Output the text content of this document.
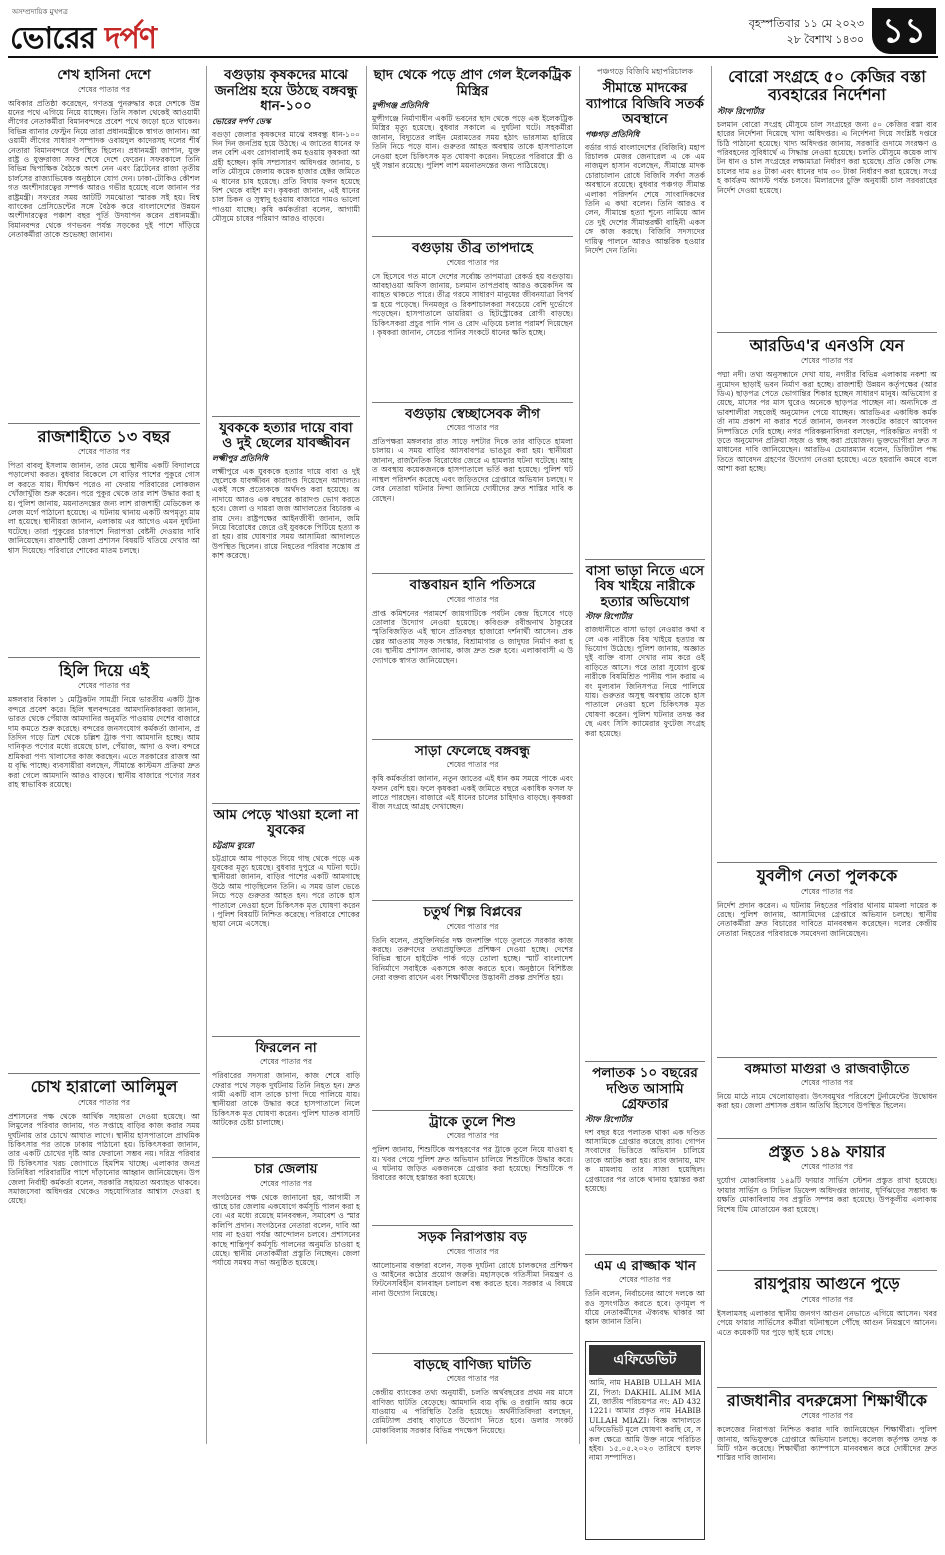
অসম্প্রদায়িক মুখপত্র
ভোরের দর্পণ	বৃহস্পতিবার ১১ মে ২০২৩
২৮ বৈশাখ ১৪৩০ ১১
শেখ হাসিনা দেশে
শেষের পাতার পর
অবিকার প্রতিষ্ঠা করেছেন, গণতন্ত্র পুনরুদ্ধার করে দেশকে উন্নয়নের পথে এগিয়ে নিয়ে যাচ্ছেন। তিনি সকাল থেকেই আওয়ামী লীগের নেতাকর্মীরা বিমানবন্দরে প্রবেশ পথে জড়ো হতে থাকেন। বিভিন্ন ব্যানার ফেস্টুন নিয়ে তারা প্রধানমন্ত্রীকে স্বাগত জানান। আওয়ামী লীগের সাধারণ সম্পাদক ওবায়দুল কাদেরসহ দলের শীর্ষ নেতারা বিমানবন্দরে উপস্থিত ছিলেন। প্রধানমন্ত্রী জাপান, যুক্তরাষ্ট্র ও যুক্তরাজ্য সফর শেষে দেশে ফেরেন। সফরকালে তিনি বিভিন্ন দ্বিপাক্ষিক বৈঠকে অংশ নেন এবং ব্রিটেনের রাজা তৃতীয় চার্লসের রাজ্যাভিষেক অনুষ্ঠানে যোগ দেন। ঢাকা-টোকিও কৌশলগত অংশীদারত্বের সম্পর্ক আরও গভীর হয়েছে বলে জানান পররাষ্ট্রমন্ত্রী। সফরের সময় আটটি সমঝোতা স্মারক সই হয়। বিশ্বব্যাংকের প্রেসিডেন্টের সঙ্গে বৈঠক করে বাংলাদেশের উন্নয়ন অংশীদারত্বের পঞ্চাশ বছর পূর্তি উদযাপন করেন প্রধানমন্ত্রী। বিমানবন্দর থেকে গণভবন পর্যন্ত সড়কের দুই পাশে দাঁড়িয়ে নেতাকর্মীরা তাকে শুভেচ্ছা জানান।
রাজশাহীতে ১৩ বছর
শেষের পাতার পর
পিতা বাবলু ইসলাম জানান, তার মেয়ে স্থানীয় একটি বিদ্যালয়ে পড়ালেখা করত। বুধবার বিকেলে সে বাড়ির পাশের পুকুরে গোসল করতে যায়। দীর্ঘক্ষণ পরেও না ফেরায় পরিবারের লোকজন খোঁজাখুঁজি শুরু করেন। পরে পুকুর থেকে তার লাশ উদ্ধার করা হয়। পুলিশ জানায়, ময়নাতদন্তের জন্য লাশ রাজশাহী মেডিকেল কলেজ মর্গে পাঠানো হয়েছে। এ ঘটনায় থানায় একটি অপমৃত্যু মামলা হয়েছে। স্থানীয়রা জানান, এলাকায় এর আগেও এমন দুর্ঘটনা ঘটেছে। তারা পুকুরের চারপাশে নিরাপত্তা বেষ্টনী দেওয়ার দাবি জানিয়েছেন। রাজশাহী জেলা প্রশাসন বিষয়টি খতিয়ে দেখার আশ্বাস দিয়েছে। পরিবারে শোকের মাতম চলছে।
হিলি দিয়ে এই
শেষের পাতার পর
মঙ্গলবার বিকাল ১ মেট্রিকটন সামগ্রী নিয়ে ভারতীয় একটি ট্রাক বন্দরে প্রবেশ করে। হিলি স্থলবন্দরের আমদানিকারকরা জানান, ভারত থেকে পেঁয়াজ আমদানির অনুমতি পাওয়ায় দেশের বাজারে দাম কমতে শুরু করেছে। বন্দরের জনসংযোগ কর্মকর্তা জানান, প্রতিদিন গড়ে ত্রিশ থেকে চল্লিশ ট্রাক পণ্য আমদানি হচ্ছে। আমদানিকৃত পণ্যের মধ্যে রয়েছে চাল, পেঁয়াজ, আদা ও ফল। বন্দরে শ্রমিকরা পণ্য খালাসের কাজ করছেন। এতে সরকারের রাজস্ব আয় বৃদ্ধি পাচ্ছে। ব্যবসায়ীরা বলছেন, সীমান্তে কাস্টমস প্রক্রিয়া দ্রুত করা গেলে আমদানি আরও বাড়বে। স্থানীয় বাজারে পণ্যের সরবরাহ স্বাভাবিক রয়েছে।
চোখ হারালো আলিমুল
শেষের পাতার পর
প্রশাসনের পক্ষ থেকে আর্থিক সহায়তা দেওয়া হয়েছে। আলিমুলের পরিবার জানায়, গত সপ্তাহে বাড়ির কাজ করার সময় দুর্ঘটনায় তার চোখে আঘাত লাগে। স্থানীয় হাসপাতালে প্রাথমিক চিকিৎসার পর তাকে ঢাকায় পাঠানো হয়। চিকিৎসকরা জানান, তার একটি চোখের দৃষ্টি আর ফেরানো সম্ভব নয়। দরিদ্র পরিবারটি চিকিৎসার খরচ জোগাতে হিমশিম খাচ্ছে। এলাকার জনপ্রতিনিধিরা পরিবারটির পাশে দাঁড়ানোর আহ্বান জানিয়েছেন। উপজেলা নির্বাহী কর্মকর্তা বলেন, সরকারি সহায়তা অব্যাহত থাকবে। সমাজসেবা অধিদপ্তর থেকেও সহযোগিতার আশ্বাস দেওয়া হয়েছে।
বগুড়ায় কৃষকদের মাঝে জনপ্রিয় হয়ে উঠছে বঙ্গবন্ধু ধান-১০০
ভোরের দর্পণ ডেস্ক
বগুড়া জেলার কৃষকদের মাঝে বঙ্গবন্ধু ধান-১০০ দিন দিন জনপ্রিয় হয়ে উঠছে। এ জাতের ধানের ফলন বেশি এবং রোগবালাই কম হওয়ায় কৃষকরা আগ্রহী হচ্ছেন। কৃষি সম্প্রসারণ অধিদপ্তর জানায়, চলতি মৌসুমে জেলায় কয়েক হাজার হেক্টর জমিতে এ ধানের চাষ হয়েছে। প্রতি বিঘায় ফলন হয়েছে বিশ থেকে বাইশ মণ। কৃষকরা জানান, এই ধানের চাল চিকন ও সুস্বাদু হওয়ায় বাজারে দামও ভালো পাওয়া যাচ্ছে। কৃষি কর্মকর্তারা বলেন, আগামী মৌসুমে চাষের পরিমাণ আরও বাড়বে।
যুবককে হত্যার দায়ে বাবা ও দুই ছেলের যাবজ্জীবন
লক্ষ্মীপুর প্রতিনিধি
লক্ষ্মীপুরে এক যুবককে হত্যার দায়ে বাবা ও দুই ছেলেকে যাবজ্জীবন কারাদণ্ড দিয়েছেন আদালত। একই সঙ্গে প্রত্যেককে অর্থদণ্ড করা হয়েছে। অনাদায়ে আরও এক বছরের কারাদণ্ড ভোগ করতে হবে। জেলা ও দায়রা জজ আদালতের বিচারক এ রায় দেন। রাষ্ট্রপক্ষের আইনজীবী জানান, জমি নিয়ে বিরোধের জেরে ওই যুবককে পিটিয়ে হত্যা করা হয়। রায় ঘোষণার সময় আসামিরা আদালতে উপস্থিত ছিলেন। রায়ে নিহতের পরিবার সন্তোষ প্রকাশ করেছে।
আম পেড়ে খাওয়া হলো না যুবকের
চট্টগ্রাম ব্যুরো
চট্টগ্রামে আম পাড়তে গিয়ে গাছ থেকে পড়ে এক যুবকের মৃত্যু হয়েছে। বুধবার দুপুরে এ ঘটনা ঘটে। স্থানীয়রা জানান, বাড়ির পাশের একটি আমগাছে উঠে আম পাড়ছিলেন তিনি। এ সময় ডাল ভেঙে নিচে পড়ে গুরুতর আহত হন। পরে তাকে হাসপাতালে নেওয়া হলে চিকিৎসক মৃত ঘোষণা করেন। পুলিশ বিষয়টি নিশ্চিত করেছে। পরিবারে শোকের ছায়া নেমে এসেছে।
ফিরলেন না
শেষের পাতার পর
পরিবারের সদস্যরা জানান, কাজ শেষে বাড়ি ফেরার পথে সড়ক দুর্ঘটনায় তিনি নিহত হন। দ্রুতগামী একটি বাস তাকে চাপা দিয়ে পালিয়ে যায়। স্থানীয়রা তাকে উদ্ধার করে হাসপাতালে নিলে চিকিৎসক মৃত ঘোষণা করেন। পুলিশ ঘাতক বাসটি আটকের চেষ্টা চালাচ্ছে।
চার জেলায়
শেষের পাতার পর
সংগঠনের পক্ষ থেকে জানানো হয়, আগামী সপ্তাহে চার জেলায় একযোগে কর্মসূচি পালন করা হবে। এর মধ্যে রয়েছে মানববন্ধন, সমাবেশ ও স্মারকলিপি প্রদান। সংগঠনের নেতারা বলেন, দাবি আদায় না হওয়া পর্যন্ত আন্দোলন চলবে। প্রশাসনের কাছে শান্তিপূর্ণ কর্মসূচি পালনের অনুমতি চাওয়া হয়েছে। স্থানীয় নেতাকর্মীরা প্রস্তুতি নিচ্ছেন। জেলা পর্যায়ে সমন্বয় সভা অনুষ্ঠিত হয়েছে।
ছাদ থেকে পড়ে প্রাণ গেল ইলেকট্রিক মিস্ত্রির
মুন্সীগঞ্জ প্রতিনিধি
মুন্সীগঞ্জে নির্মাণাধীন একটি ভবনের ছাদ থেকে পড়ে এক ইলেকট্রিক মিস্ত্রির মৃত্যু হয়েছে। বুধবার সকালে এ দুর্ঘটনা ঘটে। সহকর্মীরা জানান, বিদ্যুতের লাইন মেরামতের সময় হঠাৎ ভারসাম্য হারিয়ে তিনি নিচে পড়ে যান। গুরুতর আহত অবস্থায় তাকে হাসপাতালে নেওয়া হলে চিকিৎসক মৃত ঘোষণা করেন। নিহতের পরিবারে স্ত্রী ও দুই সন্তান রয়েছে। পুলিশ লাশ ময়নাতদন্তের জন্য পাঠিয়েছে।
বগুড়ায় তীব্র তাপদাহে
শেষের পাতার পর
সে হিসেবে গত মাসে দেশের সর্বোচ্চ তাপমাত্রা রেকর্ড হয় বগুড়ায়। আবহাওয়া অফিস জানায়, চলমান তাপপ্রবাহ আরও কয়েকদিন অব্যাহত থাকতে পারে। তীব্র গরমে সাধারণ মানুষের জীবনযাত্রা বিপর্যস্ত হয়ে পড়েছে। দিনমজুর ও রিকশাচালকরা সবচেয়ে বেশি দুর্ভোগে পড়েছেন। হাসপাতালে ডায়রিয়া ও হিটস্ট্রোকের রোগী বাড়ছে। চিকিৎসকরা প্রচুর পানি পান ও রোদ এড়িয়ে চলার পরামর্শ দিয়েছেন। কৃষকরা জানান, সেচের পানির সংকটে ধানের ক্ষতি হচ্ছে।
বগুড়ায় স্বেচ্ছাসেবক লীগ
শেষের পাতার পর
প্রতিপক্ষরা মঙ্গলবার রাত সাড়ে দশটার দিকে তার বাড়িতে হামলা চালায়। এ সময় বাড়ির আসবাবপত্র ভাঙচুর করা হয়। স্থানীয়রা জানান, রাজনৈতিক বিরোধের জেরে এ হামলার ঘটনা ঘটেছে। আহত অবস্থায় কয়েকজনকে হাসপাতালে ভর্তি করা হয়েছে। পুলিশ ঘটনাস্থল পরিদর্শন করেছে এবং জড়িতদের গ্রেপ্তারে অভিযান চলছে। দলের নেতারা ঘটনার নিন্দা জানিয়ে দোষীদের দ্রুত শাস্তির দাবি করেছেন।
বাস্তবায়ন হানি পতিসরে
শেষের পাতার পর
প্রাপ্ত কমিশনের পরামর্শে জায়গাটিকে পর্যটন কেন্দ্র হিসেবে গড়ে তোলার উদ্যোগ নেওয়া হয়েছে। কবিগুরু রবীন্দ্রনাথ ঠাকুরের স্মৃতিবিজড়িত এই স্থানে প্রতিবছর হাজারো দর্শনার্থী আসেন। প্রকল্পের আওতায় সড়ক সংস্কার, বিশ্রামাগার ও জাদুঘর নির্মাণ করা হবে। স্থানীয় প্রশাসন জানায়, কাজ দ্রুত শুরু হবে। এলাকাবাসী এ উদ্যোগকে স্বাগত জানিয়েছেন।
সাড়া ফেলেছে বঙ্গবন্ধু
শেষের পাতার পর
কৃষি কর্মকর্তারা জানান, নতুন জাতের এই ধান কম সময়ে পাকে এবং ফলন বেশি হয়। ফলে কৃষকরা একই জমিতে বছরে একাধিক ফসল ফলাতে পারছেন। বাজারে এই ধানের চালের চাহিদাও বাড়ছে। কৃষকরা বীজ সংগ্রহে আগ্রহ দেখাচ্ছেন।
চতুর্থ শিল্প বিপ্লবের
শেষের পাতার পর
তিনি বলেন, প্রযুক্তিনির্ভর দক্ষ জনশক্তি গড়ে তুলতে সরকার কাজ করছে। তরুণদের তথ্যপ্রযুক্তিতে প্রশিক্ষণ দেওয়া হচ্ছে। দেশের বিভিন্ন স্থানে হাইটেক পার্ক গড়ে তোলা হচ্ছে। স্মার্ট বাংলাদেশ বিনির্মাণে সবাইকে একসঙ্গে কাজ করতে হবে। অনুষ্ঠানে বিশিষ্টজনেরা বক্তব্য রাখেন এবং শিক্ষার্থীদের উদ্ভাবনী প্রকল্প প্রদর্শিত হয়।
ট্রাকে তুলে শিশু
শেষের পাতার পর
পুলিশ জানায়, শিশুটিকে অপহরণের পর ট্রাকে তুলে নিয়ে যাওয়া হয়। খবর পেয়ে পুলিশ দ্রুত অভিযান চালিয়ে শিশুটিকে উদ্ধার করে। এ ঘটনায় জড়িত একজনকে গ্রেপ্তার করা হয়েছে। শিশুটিকে পরিবারের কাছে হস্তান্তর করা হয়েছে।
সড়ক নিরাপত্তায় বড়
শেষের পাতার পর
আলোচনায় বক্তারা বলেন, সড়ক দুর্ঘটনা রোধে চালকদের প্রশিক্ষণ ও আইনের কঠোর প্রয়োগ জরুরি। মহাসড়কে গতিসীমা নিয়ন্ত্রণ ও ফিটনেসবিহীন যানবাহন চলাচল বন্ধ করতে হবে। সরকার এ বিষয়ে নানা উদ্যোগ নিয়েছে।
বাড়ছে বাণিজ্য ঘাটতি
শেষের পাতার পর
কেন্দ্রীয় ব্যাংকের তথ্য অনুযায়ী, চলতি অর্থবছরের প্রথম নয় মাসে বাণিজ্য ঘাটতি বেড়েছে। আমদানি ব্যয় বৃদ্ধি ও রপ্তানি আয় কমে যাওয়ায় এ পরিস্থিতি তৈরি হয়েছে। অর্থনীতিবিদরা বলছেন, রেমিট্যান্স প্রবাহ বাড়াতে উদ্যোগ নিতে হবে। ডলার সংকট মোকাবিলায় সরকার বিভিন্ন পদক্ষেপ নিয়েছে।
পঞ্চগড়ে বিজিবি মহাপরিচালক
সীমান্তে মাদকের ব্যাপারে বিজিবি সতর্ক অবস্থানে
পঞ্চগড় প্রতিনিধি
বর্ডার গার্ড বাংলাদেশের (বিজিবি) মহাপরিচালক মেজর জেনারেল এ কে এম নাজমুল হাসান বলেছেন, সীমান্তে মাদক চোরাচালান রোধে বিজিবি সর্বদা সতর্ক অবস্থানে রয়েছে। বুধবার পঞ্চগড় সীমান্ত এলাকা পরিদর্শন শেষে সাংবাদিকদের তিনি এ কথা বলেন। তিনি আরও বলেন, সীমান্তে হত্যা শূন্যে নামিয়ে আনতে দুই দেশের সীমান্তরক্ষী বাহিনী একসঙ্গে কাজ করছে। বিজিবি সদস্যদের দায়িত্ব পালনে আরও আন্তরিক হওয়ার নির্দেশ দেন তিনি।
বাসা ভাড়া নিতে এসে বিষ খাইয়ে নারীকে হত্যার অভিযোগ
স্টাফ রিপোর্টার
রাজধানীতে বাসা ভাড়া নেওয়ার কথা বলে এক নারীকে বিষ খাইয়ে হত্যার অভিযোগ উঠেছে। পুলিশ জানায়, অজ্ঞাত দুই ব্যক্তি বাসা দেখার নাম করে ওই বাড়িতে আসে। পরে তারা সুযোগ বুঝে নারীকে বিষমিশ্রিত পানীয় পান করায় এবং মূল্যবান জিনিসপত্র নিয়ে পালিয়ে যায়। গুরুতর অসুস্থ অবস্থায় তাকে হাসপাতালে নেওয়া হলে চিকিৎসক মৃত ঘোষণা করেন। পুলিশ ঘটনার তদন্ত করছে এবং সিসি ক্যামেরার ফুটেজ সংগ্রহ করা হয়েছে।
পলাতক ১০ বছরের দণ্ডিত আসামি গ্রেফতার
স্টাফ রিপোর্টার
দশ বছর ধরে পলাতক থাকা এক দণ্ডিত আসামিকে গ্রেপ্তার করেছে র‍্যাব। গোপন সংবাদের ভিত্তিতে অভিযান চালিয়ে তাকে আটক করা হয়। র‍্যাব জানায়, মাদক মামলায় তার সাজা হয়েছিল। গ্রেপ্তারের পর তাকে থানায় হস্তান্তর করা হয়েছে।
এম এ রাজ্জাক খান
শেষের পাতার পর
তিনি বলেন, নির্বাচনের আগে দলকে আরও সুসংগঠিত করতে হবে। তৃণমূল পর্যায়ে নেতাকর্মীদের ঐক্যবদ্ধ থাকার আহ্বান জানান তিনি।
এফিডেভিট
আমি, নাম HABIB ULLAH MIAZI, পিতা: DAKHIL ALIM MIAZI, জাতীয় পরিচয়পত্র নং: AD 4321221। আমার প্রকৃত নাম HABIB ULLAH MIAZI। বিজ্ঞ আদালতে এফিডেভিট মূলে ঘোষণা করছি যে, সকল ক্ষেত্রে আমি উক্ত নামে পরিচিত হইব। ১৫.০৫.২০২৩ তারিখে হলফনামা সম্পাদিত।
বোরো সংগ্রহে ৫০ কেজির বস্তা ব্যবহারের নির্দেশনা
স্টাফ রিপোর্টার
চলমান বোরো সংগ্রহ মৌসুমে চাল সংগ্রহের জন্য ৫০ কেজির বস্তা ব্যবহারের নির্দেশনা দিয়েছে খাদ্য অধিদপ্তর। এ নির্দেশনা দিয়ে সংশ্লিষ্ট দপ্তরে চিঠি পাঠানো হয়েছে। খাদ্য অধিদপ্তর জানায়, সরকারি গুদামে সংরক্ষণ ও পরিবহনের সুবিধার্থে এ সিদ্ধান্ত নেওয়া হয়েছে। চলতি মৌসুমে কয়েক লাখ টন ধান ও চাল সংগ্রহের লক্ষ্যমাত্রা নির্ধারণ করা হয়েছে। প্রতি কেজি সেদ্ধ চালের দাম ৪৪ টাকা এবং ধানের দাম ৩০ টাকা নির্ধারণ করা হয়েছে। সংগ্রহ কার্যক্রম আগস্ট পর্যন্ত চলবে। মিলারদের চুক্তি অনুযায়ী চাল সরবরাহের নির্দেশ দেওয়া হয়েছে।
আরডিএ'র এনওসি যেন
শেষের পাতার পর
পদ্মা নদী। তথ্য অনুসন্ধানে দেখা যায়, নগরীর বিভিন্ন এলাকায় নকশা অনুমোদন ছাড়াই ভবন নির্মাণ করা হচ্ছে। রাজশাহী উন্নয়ন কর্তৃপক্ষের (আরডিএ) ছাড়পত্র পেতে ভোগান্তির শিকার হচ্ছেন সাধারণ মানুষ। অভিযোগ রয়েছে, মাসের পর মাস ঘুরেও অনেকে ছাড়পত্র পাচ্ছেন না। অন্যদিকে প্রভাবশালীরা সহজেই অনুমোদন পেয়ে যাচ্ছেন। আরডিএর একাধিক কর্মকর্তা নাম প্রকাশ না করার শর্তে জানান, জনবল সংকটের কারণে আবেদন নিষ্পত্তিতে দেরি হচ্ছে। নগর পরিকল্পনাবিদরা বলছেন, পরিকল্পিত নগরী গড়তে অনুমোদন প্রক্রিয়া সহজ ও স্বচ্ছ করা প্রয়োজন। ভুক্তভোগীরা দ্রুত সমাধানের দাবি জানিয়েছেন। আরডিএ চেয়ারম্যান বলেন, ডিজিটাল পদ্ধতিতে আবেদন গ্রহণের উদ্যোগ নেওয়া হয়েছে। এতে হয়রানি কমবে বলে আশা করা হচ্ছে।
যুবলীগ নেতা পুলককে
শেষের পাতার পর
নির্দেশ প্রদান করেন। এ ঘটনায় নিহতের পরিবার থানায় মামলা দায়ের করেছে। পুলিশ জানায়, আসামিদের গ্রেপ্তারে অভিযান চলছে। স্থানীয় নেতাকর্মীরা দ্রুত বিচারের দাবিতে মানববন্ধন করেছেন। দলের কেন্দ্রীয় নেতারা নিহতের পরিবারকে সমবেদনা জানিয়েছেন।
বঙ্গমাতা মাগুরা ও রাজবাড়ীতে
শেষের পাতার পর
নিয়ে মাঠে নামে খেলোয়াড়রা। উৎসবমুখর পরিবেশে টুর্নামেন্টের উদ্বোধন করা হয়। জেলা প্রশাসক প্রধান অতিথি হিসেবে উপস্থিত ছিলেন।
প্রস্তুত ১৪৯ ফায়ার
শেষের পাতার পর
দুর্যোগ মোকাবিলায় ১৪৯টি ফায়ার সার্ভিস স্টেশন প্রস্তুত রাখা হয়েছে। ফায়ার সার্ভিস ও সিভিল ডিফেন্স অধিদপ্তর জানায়, ঘূর্ণিঝড়ের সম্ভাব্য ক্ষয়ক্ষতি মোকাবিলায় সব প্রস্তুতি সম্পন্ন করা হয়েছে। উপকূলীয় এলাকায় বিশেষ টিম মোতায়েন করা হয়েছে।
রায়পুরায় আগুনে পুড়ে
শেষের পাতার পর
ইসলামসহ এলাকার স্থানীয় জনগণ আগুন নেভাতে এগিয়ে আসেন। খবর পেয়ে ফায়ার সার্ভিসের কর্মীরা ঘটনাস্থলে পৌঁছে আগুন নিয়ন্ত্রণে আনেন। এতে কয়েকটি ঘর পুড়ে ছাই হয়ে গেছে।
রাজধানীর বদরুন্নেসা শিক্ষার্থীকে
শেষের পাতার পর
কলেজের নিরাপত্তা নিশ্চিত করার দাবি জানিয়েছেন শিক্ষার্থীরা। পুলিশ জানায়, অভিযুক্তকে গ্রেপ্তারে অভিযান চলছে। কলেজ কর্তৃপক্ষ তদন্ত কমিটি গঠন করেছে। শিক্ষার্থীরা ক্যাম্পাসে মানববন্ধন করে দোষীদের দ্রুত শাস্তির দাবি জানান।
